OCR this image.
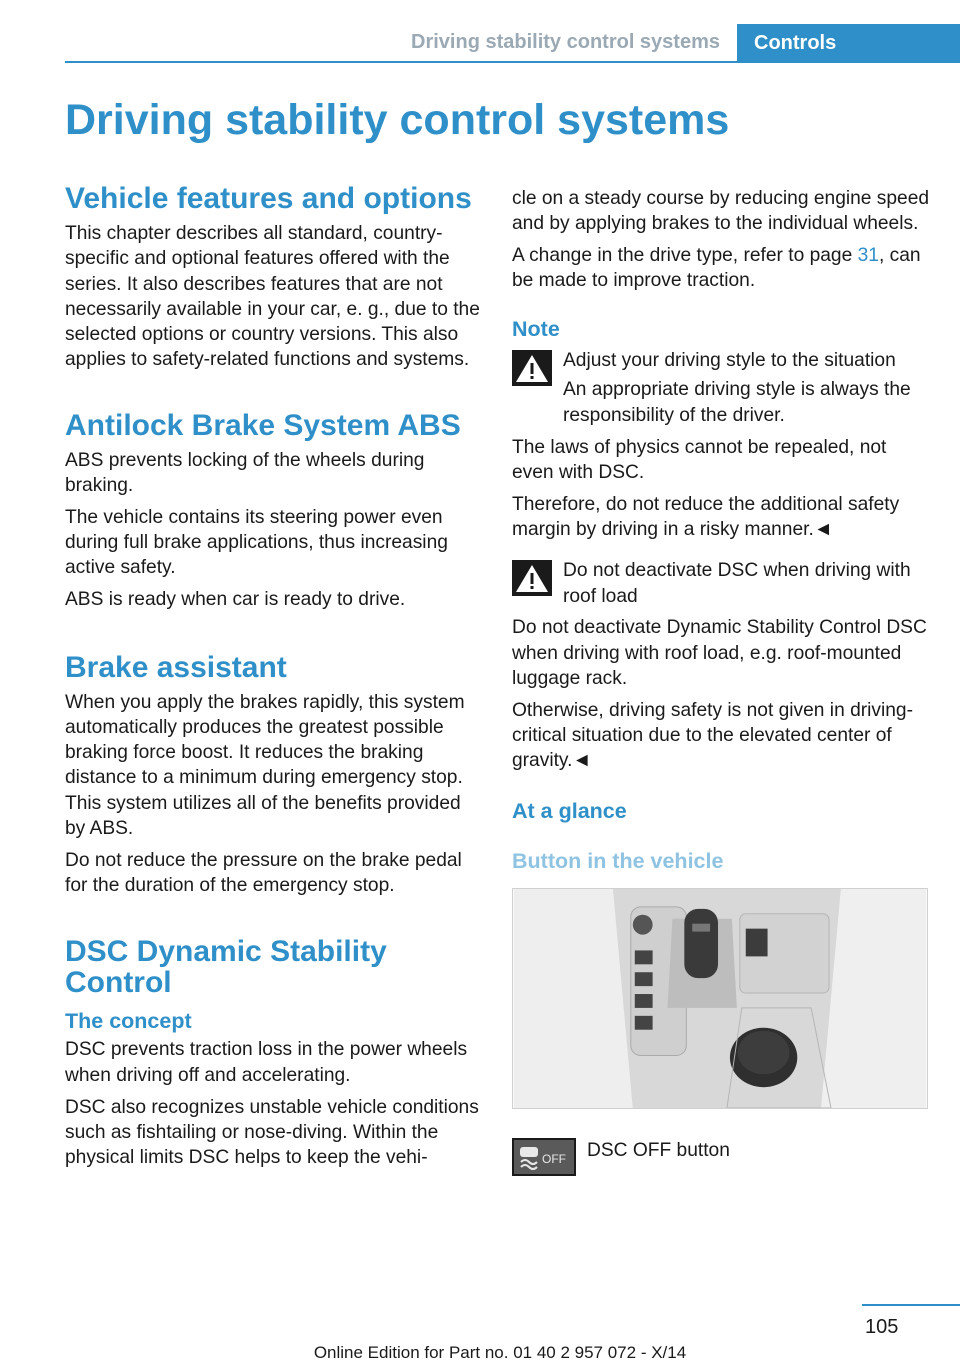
Driving stability control systems	Controls
Driving stability control systems
Vehicle features and options

This chapter describes all standard, country-specific and optional features offered with the series. It also describes features that are not necessarily available in your car, e. g., due to the selected options or country versions. This also applies to safety-related functions and systems.

Antilock Brake System ABS

ABS prevents locking of the wheels during braking.

The vehicle contains its steering power even during full brake applications, thus increasing active safety.

ABS is ready when car is ready to drive.

Brake assistant

When you apply the brakes rapidly, this system automatically produces the greatest possible braking force boost. It reduces the braking distance to a minimum during emergency stop. This system utilizes all of the benefits provided by ABS.

Do not reduce the pressure on the brake pedal for the duration of the emergency stop.

DSC Dynamic Stability Control
The concept

DSC prevents traction loss in the power wheels when driving off and accelerating.

DSC also recognizes unstable vehicle conditions such as fishtailing or nose-diving. Within the physical limits DSC helps to keep the vehi-

cle on a steady course by reducing engine speed and by applying brakes to the individual wheels.

A change in the drive type, refer to page 31, can be made to improve traction.

Note

Adjust your driving style to the situation

An appropriate driving style is always the responsibility of the driver.

The laws of physics cannot be repealed, not even with DSC.

Therefore, do not reduce the additional safety margin by driving in a risky manner.◄

Do not deactivate DSC when driving with roof load

Do not deactivate Dynamic Stability Control DSC when driving with roof load, e.g. roof-mounted luggage rack.

Otherwise, driving safety is not given in driving-critical situation due to the elevated center of gravity.◄

At a glance
Button in the vehicle
OFF DSC OFF button
105
Online Edition for Part no. 01 40 2 957 072 - X/14
